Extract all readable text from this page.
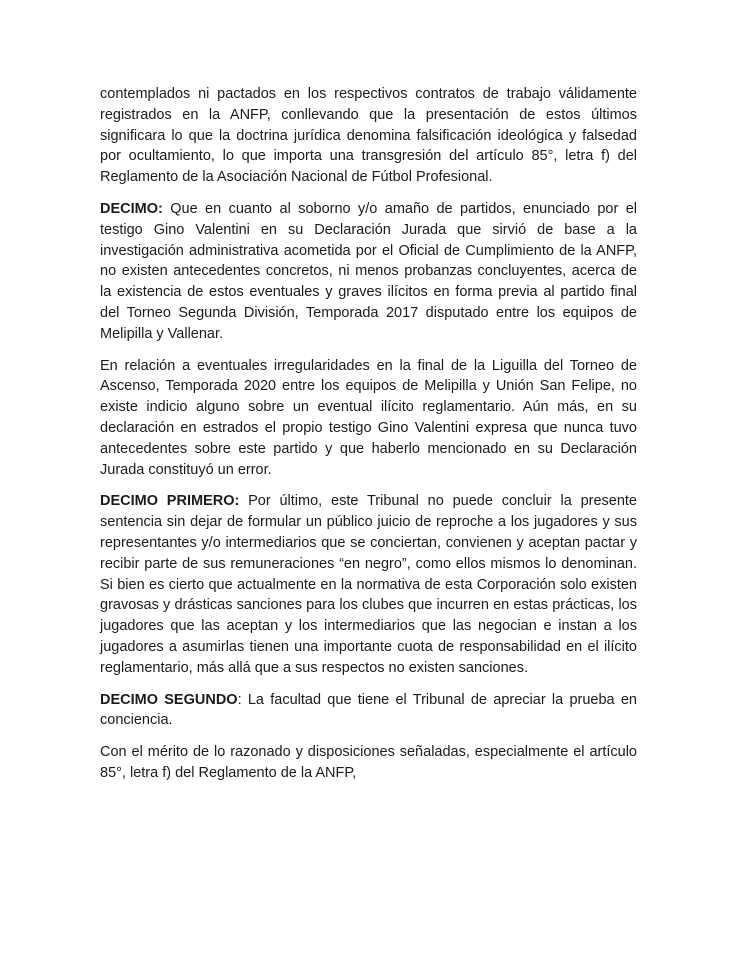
contemplados ni pactados en los respectivos contratos de trabajo válidamente registrados en la ANFP, conllevando que la presentación de estos últimos significara lo que la doctrina jurídica denomina falsificación ideológica y falsedad por ocultamiento, lo que importa una transgresión del artículo 85°, letra f) del Reglamento de la Asociación Nacional de Fútbol Profesional.

DECIMO: Que en cuanto al soborno y/o amaño de partidos, enunciado por el testigo Gino Valentini en su Declaración Jurada que sirvió de base a la investigación administrativa acometida por el Oficial de Cumplimiento de la ANFP, no existen antecedentes concretos, ni menos probanzas concluyentes, acerca de la existencia de estos eventuales y graves ilícitos en forma previa al partido final del Torneo Segunda División, Temporada 2017 disputado entre los equipos de Melipilla y Vallenar.

En relación a eventuales irregularidades en la final de la Liguilla del Torneo de Ascenso, Temporada 2020 entre los equipos de Melipilla y Unión San Felipe, no existe indicio alguno sobre un eventual ilícito reglamentario. Aún más, en su declaración en estrados el propio testigo Gino Valentini expresa que nunca tuvo antecedentes sobre este partido y que haberlo mencionado en su Declaración Jurada constituyó un error.

DECIMO PRIMERO: Por último, este Tribunal no puede concluir la presente sentencia sin dejar de formular un público juicio de reproche a los jugadores y sus representantes y/o intermediarios que se conciertan, convienen y aceptan pactar y recibir parte de sus remuneraciones “en negro”, como ellos mismos lo denominan. Si bien es cierto que actualmente en la normativa de esta Corporación solo existen gravosas y drásticas sanciones para los clubes que incurren en estas prácticas, los jugadores que las aceptan y los intermediarios que las negocian e instan a los jugadores a asumirlas tienen una importante cuota de responsabilidad en el ilícito reglamentario, más allá que a sus respectos no existen sanciones.

DECIMO SEGUNDO: La facultad que tiene el Tribunal de apreciar la prueba en conciencia.

Con el mérito de lo razonado y disposiciones señaladas, especialmente el artículo 85°, letra f) del Reglamento de la ANFP,
